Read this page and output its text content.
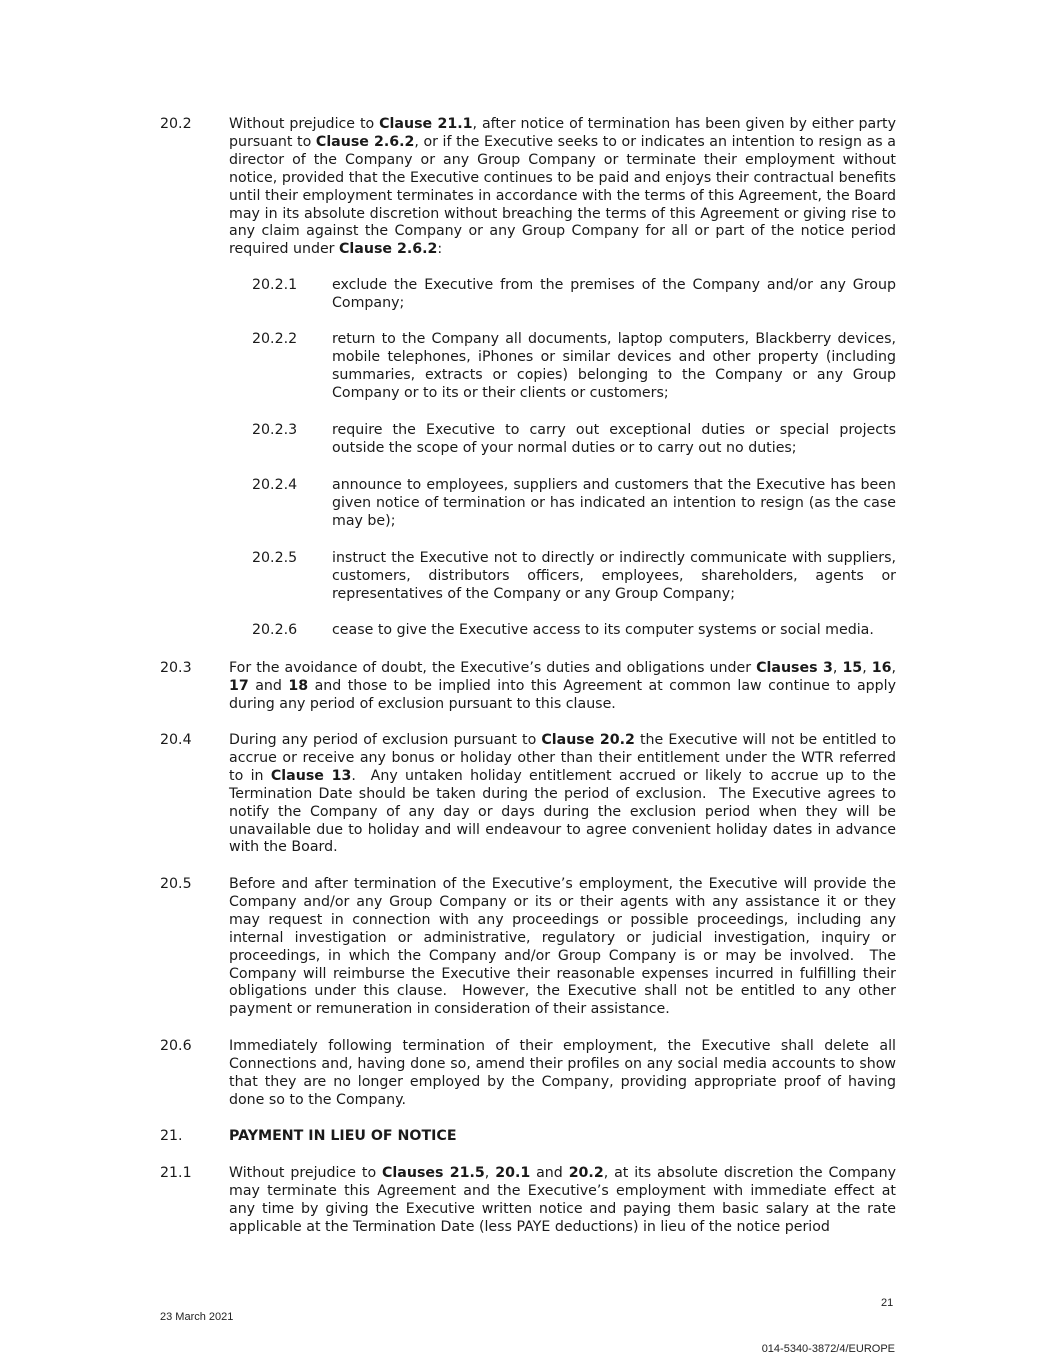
20.2	Without prejudice to Clause 21.1, after notice of termination has been given by either party pursuant to Clause 2.6.2, or if the Executive seeks to or indicates an intention to resign as a director of the Company or any Group Company or terminate their employment without notice, provided that the Executive continues to be paid and enjoys their contractual benefits until their employment terminates in accordance with the terms of this Agreement, the Board may in its absolute discretion without breaching the terms of this Agreement or giving rise to any claim against the Company or any Group Company for all or part of the notice period required under Clause 2.6.2:
20.2.1	exclude the Executive from the premises of the Company and/or any Group Company;
20.2.2	return to the Company all documents, laptop computers, Blackberry devices, mobile telephones, iPhones or similar devices and other property (including summaries, extracts or copies) belonging to the Company or any Group Company or to its or their clients or customers;
20.2.3	require the Executive to carry out exceptional duties or special projects outside the scope of your normal duties or to carry out no duties;
20.2.4	announce to employees, suppliers and customers that the Executive has been given notice of termination or has indicated an intention to resign (as the case may be);
20.2.5	instruct the Executive not to directly or indirectly communicate with suppliers, customers, distributors officers, employees, shareholders, agents or representatives of the Company or any Group Company;
20.2.6	cease to give the Executive access to its computer systems or social media.
20.3	For the avoidance of doubt, the Executive’s duties and obligations under Clauses 3, 15, 16, 17 and 18 and those to be implied into this Agreement at common law continue to apply during any period of exclusion pursuant to this clause.
20.4	During any period of exclusion pursuant to Clause 20.2 the Executive will not be entitled to accrue or receive any bonus or holiday other than their entitlement under the WTR referred to in Clause 13.  Any untaken holiday entitlement accrued or likely to accrue up to the Termination Date should be taken during the period of exclusion.  The Executive agrees to notify the Company of any day or days during the exclusion period when they will be unavailable due to holiday and will endeavour to agree convenient holiday dates in advance with the Board.
20.5	Before and after termination of the Executive’s employment, the Executive will provide the Company and/or any Group Company or its or their agents with any assistance it or they may request in connection with any proceedings or possible proceedings, including any internal investigation or administrative, regulatory or judicial investigation, inquiry or proceedings, in which the Company and/or Group Company is or may be involved.  The Company will reimburse the Executive their reasonable expenses incurred in fulfilling their obligations under this clause.  However, the Executive shall not be entitled to any other payment or remuneration in consideration of their assistance.
20.6	Immediately following termination of their employment, the Executive shall delete all Connections and, having done so, amend their profiles on any social media accounts to show that they are no longer employed by the Company, providing appropriate proof of having done so to the Company.
21.	PAYMENT IN LIEU OF NOTICE
21.1	Without prejudice to Clauses 21.5, 20.1 and 20.2, at its absolute discretion the Company may terminate this Agreement and the Executive’s employment with immediate effect at any time by giving the Executive written notice and paying them basic salary at the rate applicable at the Termination Date (less PAYE deductions) in lieu of the notice period
21
23 March 2021
014-5340-3872/4/EUROPE
